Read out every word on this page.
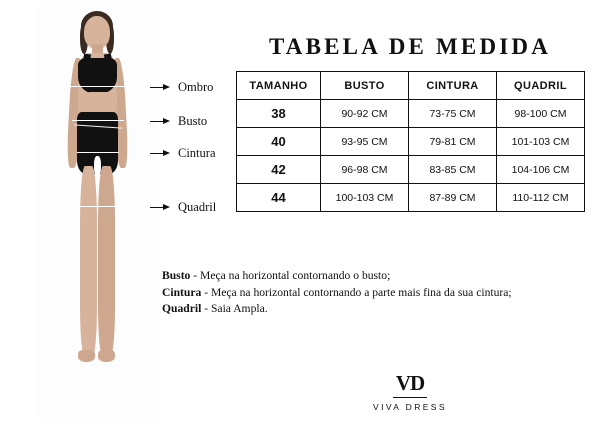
Ombro
Busto
Cintura
Quadril
TABELA DE MEDIDA
TAMANHO	BUSTO	CINTURA	QUADRIL
38	90-92 CM	73-75 CM	98-100 CM
40	93-95 CM	79-81 CM	101-103 CM
42	96-98 CM	83-85 CM	104-106 CM
44	100-103 CM	87-89 CM	110-112 CM
Busto - Meça na horizontal contornando o busto;
Cintura - Meça na horizontal contornando a parte mais fina da sua cintura;
Quadril - Saia Ampla.
VD
VIVA DRESS
